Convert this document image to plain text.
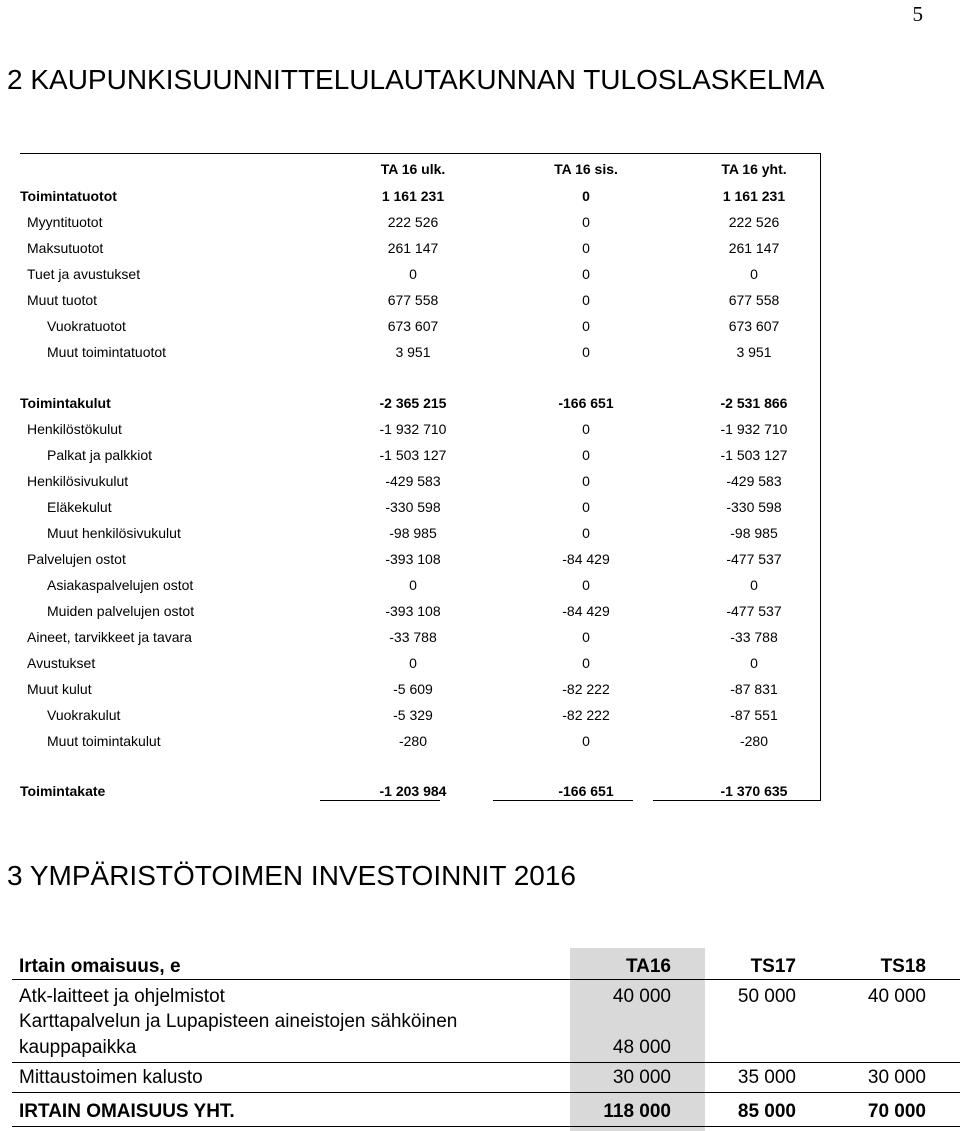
5
2 KAUPUNKISUUNNITTELULAUTAKUNNAN TULOSLASKELMA
TA 16 ulk.	TA 16 sis.	TA 16 yht.
Toimintatuotot	1 161 231	0	1 161 231
Myyntituotot	222 526	0	222 526
Maksutuotot	261 147	0	261 147
Tuet ja avustukset	0	0	0
Muut tuotot	677 558	0	677 558
Vuokratuotot	673 607	0	673 607
Muut toimintatuotot	3 951	0	3 951
Toimintakulut	-2 365 215	-166 651	-2 531 866
Henkilöstökulut	-1 932 710	0	-1 932 710
Palkat ja palkkiot	-1 503 127	0	-1 503 127
Henkilösivukulut	-429 583	0	-429 583
Eläkekulut	-330 598	0	-330 598
Muut henkilösivukulut	-98 985	0	-98 985
Palvelujen ostot	-393 108	-84 429	-477 537
Asiakaspalvelujen ostot	0	0	0
Muiden palvelujen ostot	-393 108	-84 429	-477 537
Aineet, tarvikkeet ja tavara	-33 788	0	-33 788
Avustukset	0	0	0
Muut kulut	-5 609	-82 222	-87 831
Vuokrakulut	-5 329	-82 222	-87 551
Muut toimintakulut	-280	0	-280
Toimintakate	-1 203 984	-166 651	-1 370 635
3 YMPÄRISTÖTOIMEN INVESTOINNIT 2016
Irtain omaisuus, e	TA16	TS17	TS18
Atk-laitteet ja ohjelmistot	40 000	50 000	40 000
Karttapalvelun ja Lupapisteen aineistojen sähköinen
kauppapaikka	48 000
Mittaustoimen kalusto	30 000	35 000	30 000
IRTAIN OMAISUUS YHT.	118 000	85 000	70 000
